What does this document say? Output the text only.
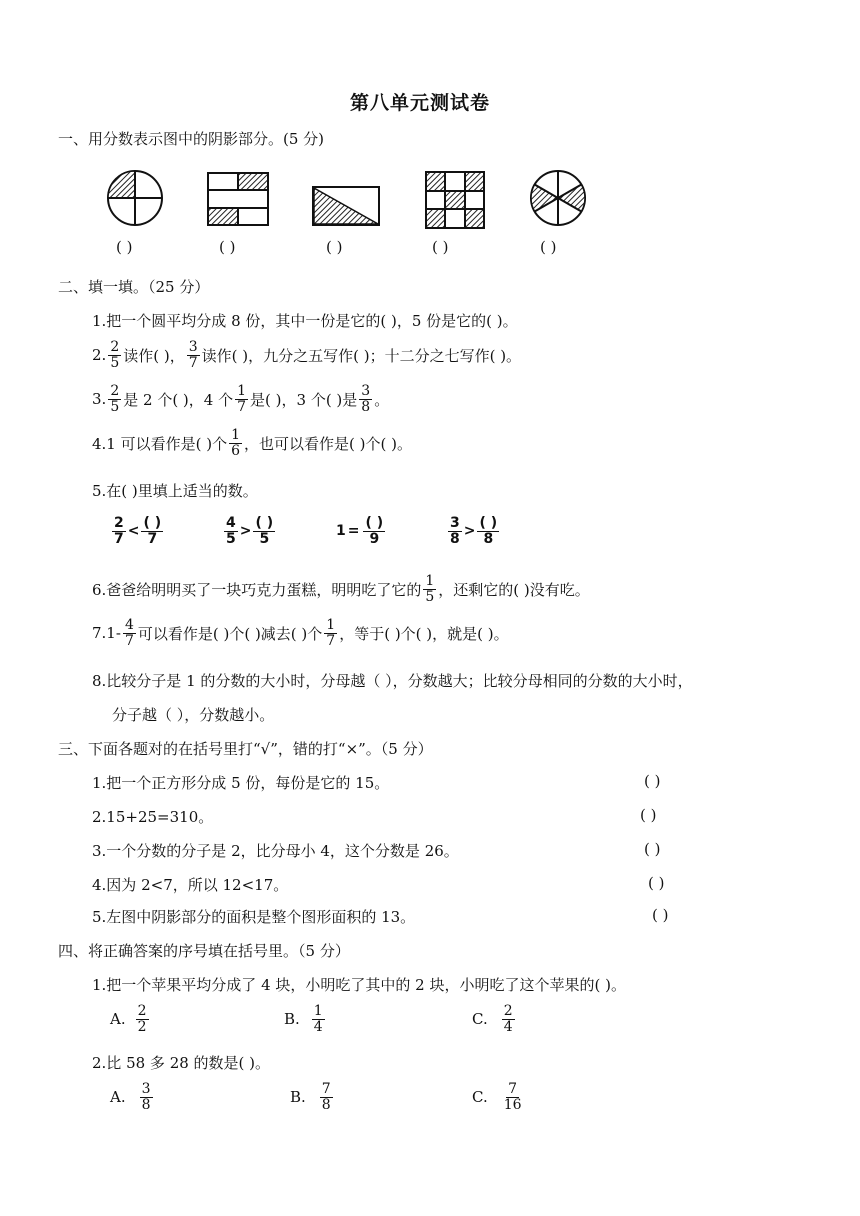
第八单元测试卷
一、用分数表示图中的阴影部分。(5 分)
( )	( )	( )	( )	( )
二、填一填。（25 分）
1.把一个圆平均分成 8 份，其中一份是它的( )，5 份是它的( )。
2. $\frac{2}{5}$ 读作( )， $\frac{3}{7}$ 读作( )，九分之五写作( )；十二分之七写作( )。
3. $\frac{2}{5}$ 是 2 个( )，4 个 $\frac{1}{7}$ 是( )，3 个( )是 $\frac{3}{8}$ 。
4.1 可以看作是( )个 $\frac{1}{6}$ ，也可以看作是( )个( )。
5.在( )里填上适当的数。
$\frac{2}{7} < \frac{( )}{7}$	$\frac{4}{5} > \frac{( )}{5}$	$1 = \frac{( )}{9}$	$\frac{3}{8} > \frac{( )}{8}$
6.爸爸给明明买了一块巧克力蛋糕，明明吃了它的 $\frac{1}{5}$ ，还剩它的( )没有吃。
$7.1- \frac{4}{7}$ 可以看作是( )个( )减去( )个 $\frac{1}{7}$ ，等于( )个( )，就是( )。
8.比较分子是 1 的分数的大小时，分母越（ ），分数越大；比较分母相同的分数的大小时，
分子越（ ），分数越小。
三、下面各题对的在括号里打“√”，错的打“×”。（5 分）
1.把一个正方形分成 5 份，每份是它的 15。	( )
2.15+25=310。	( )
3.一个分数的分子是 2，比分母小 4，这个分数是 26。	( )
4.因为 2<7，所以 12<17。	( )
5.左图中阴影部分的面积是整个图形面积的 13。	( )
四、将正确答案的序号填在括号里。（5 分）
1.把一个苹果平均分成了 4 块，小明吃了其中的 2 块，小明吃了这个苹果的( )。
A. $\frac{2}{2}$	B. $\frac{1}{4}$	C. $\frac{2}{4}$
2.比 58 多 28 的数是( )。
A. $\frac{3}{8}$	B. $\frac{7}{8}$	C. $\frac{7}{16}$
